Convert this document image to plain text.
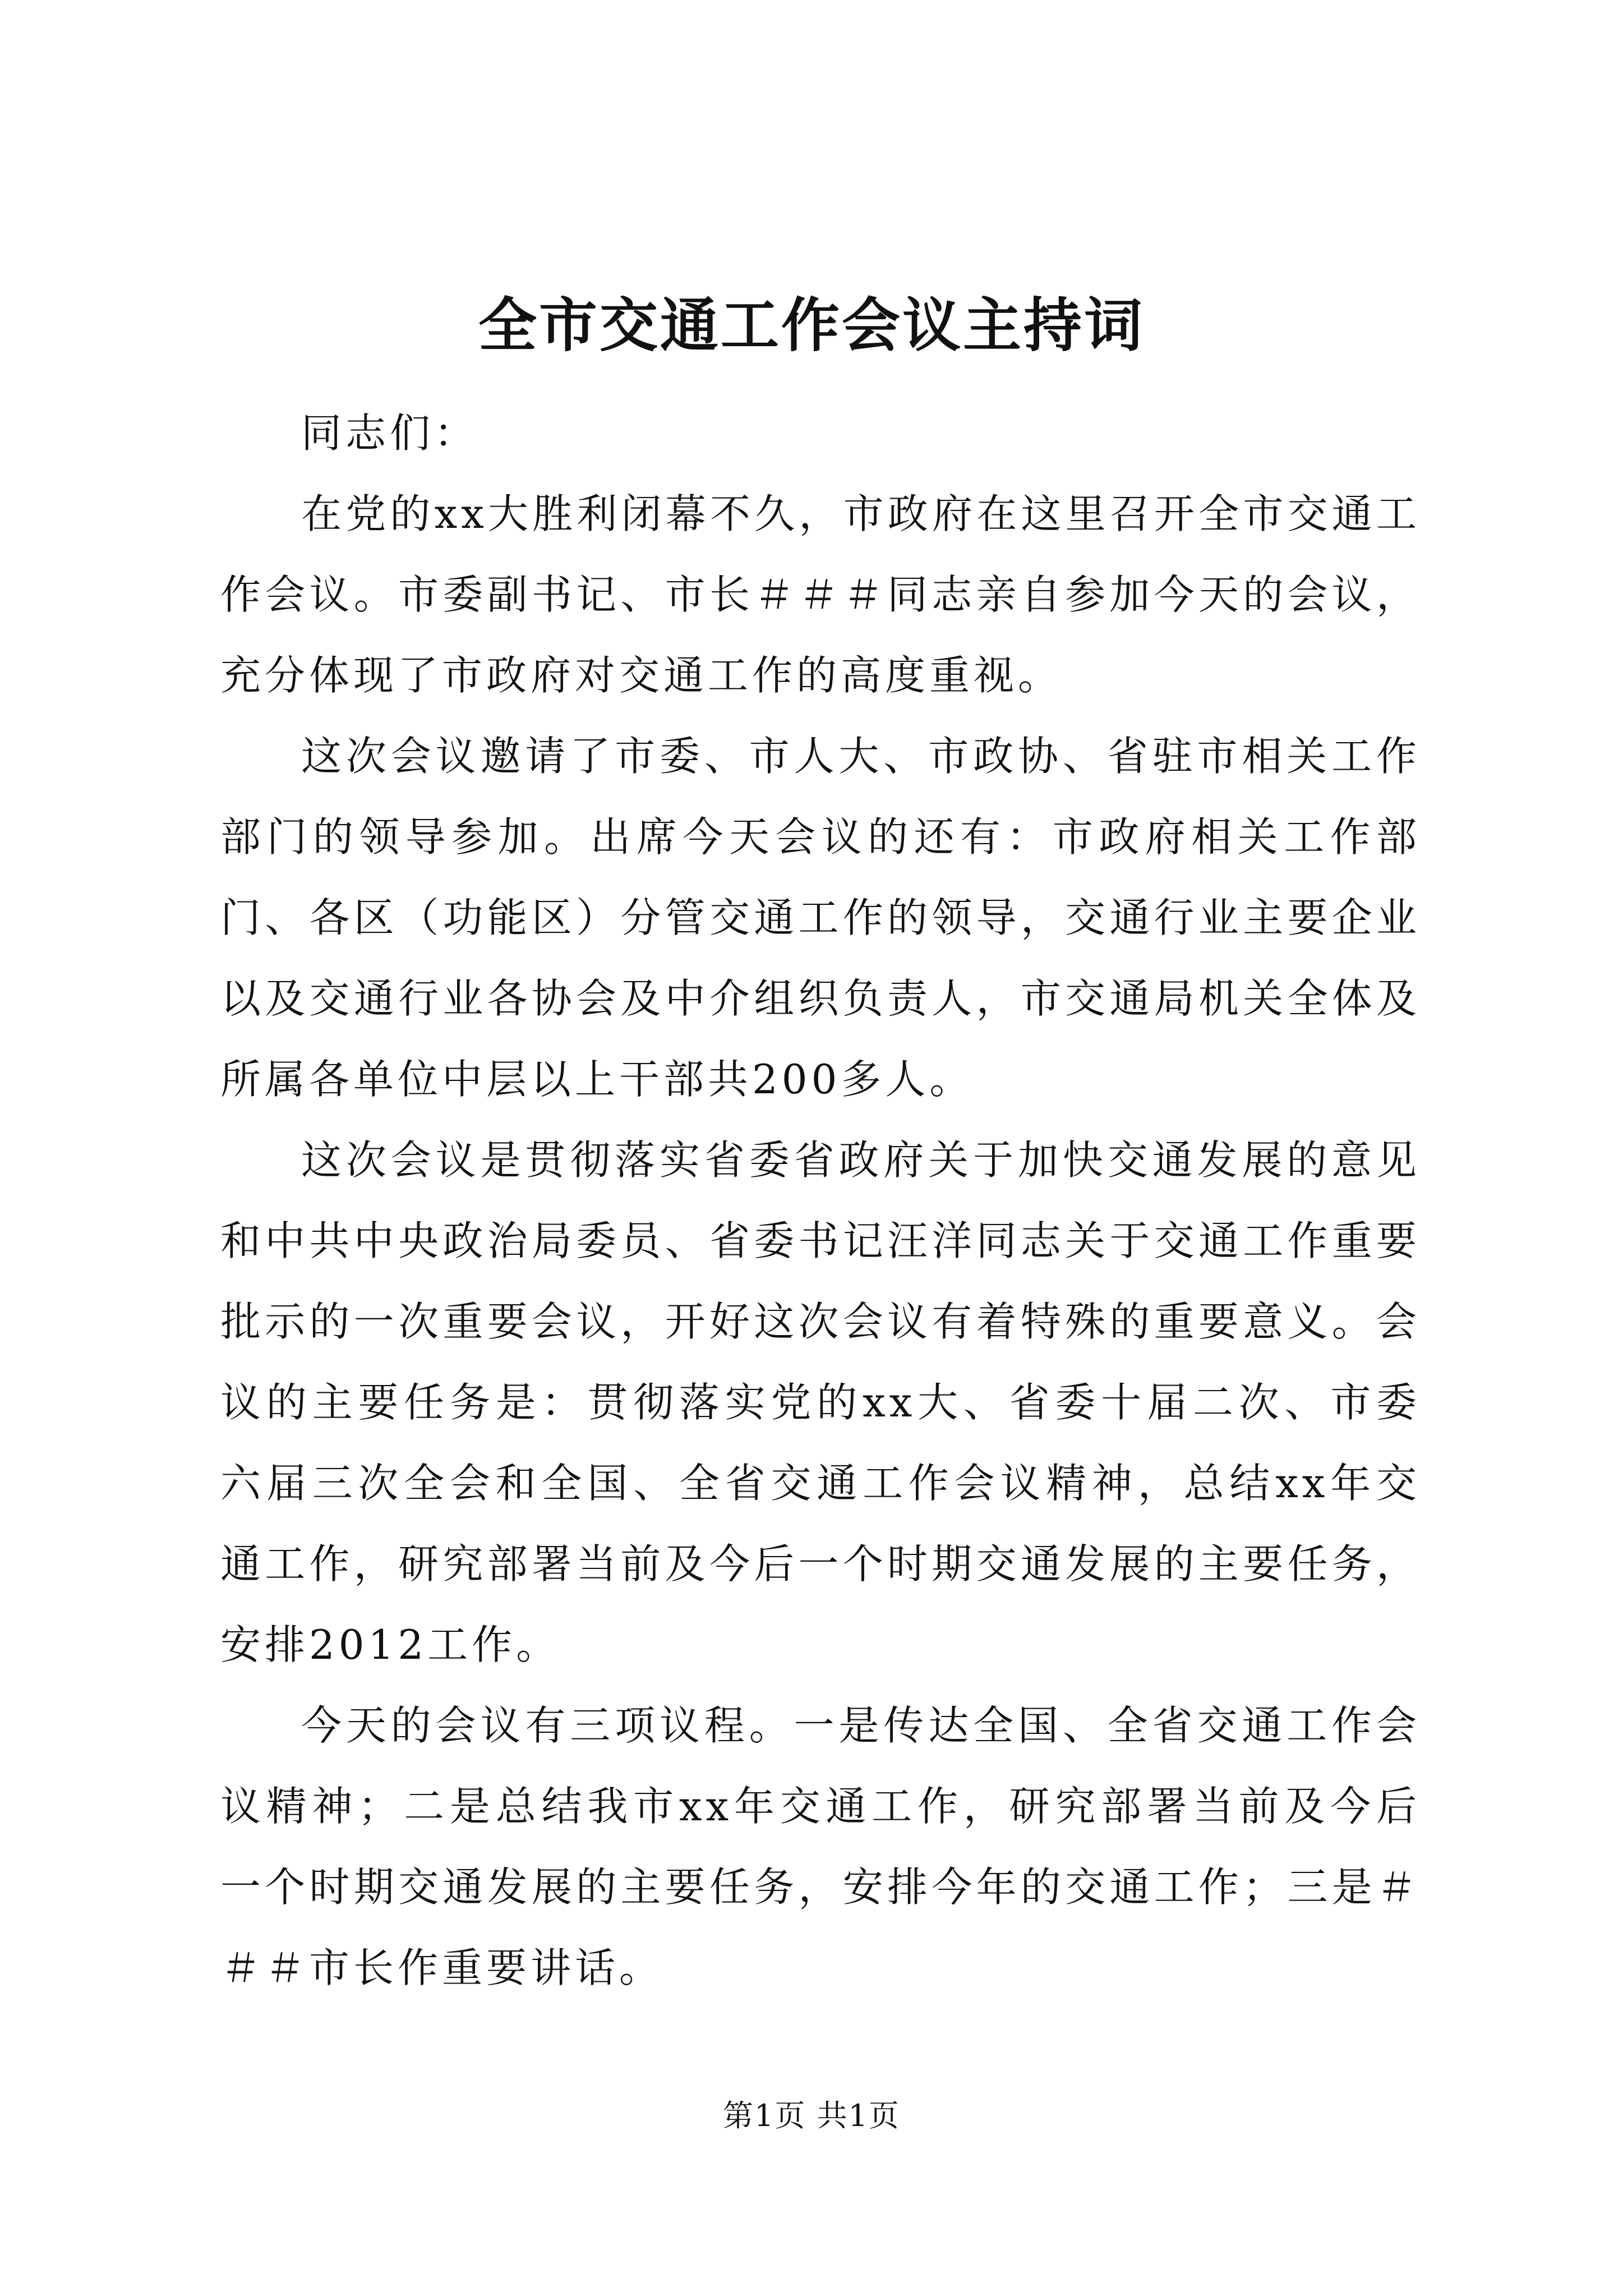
全市交通工作会议主持词

同志们：

在党的xx大胜利闭幕不久，市政府在这里召开全市交通工作会议。市委副书记、市长＃＃＃同志亲自参加今天的会议，充分体现了市政府对交通工作的高度重视。

这次会议邀请了市委、市人大、市政协、省驻市相关工作部门的领导参加。出席今天会议的还有：市政府相关工作部门、各区（功能区）分管交通工作的领导，交通行业主要企业以及交通行业各协会及中介组织负责人，市交通局机关全体及所属各单位中层以上干部共200多人。

这次会议是贯彻落实省委省政府关于加快交通发展的意见和中共中央政治局委员、省委书记汪洋同志关于交通工作重要批示的一次重要会议，开好这次会议有着特殊的重要意义。会议的主要任务是：贯彻落实党的xx大、省委十届二次、市委六届三次全会和全国、全省交通工作会议精神，总结xx年交通工作，研究部署当前及今后一个时期交通发展的主要任务，安排2012工作。

今天的会议有三项议程。一是传达全国、全省交通工作会议精神；二是总结我市xx年交通工作，研究部署当前及今后一个时期交通发展的主要任务，安排今年的交通工作；三是＃＃＃市长作重要讲话。

第1页 共1页
